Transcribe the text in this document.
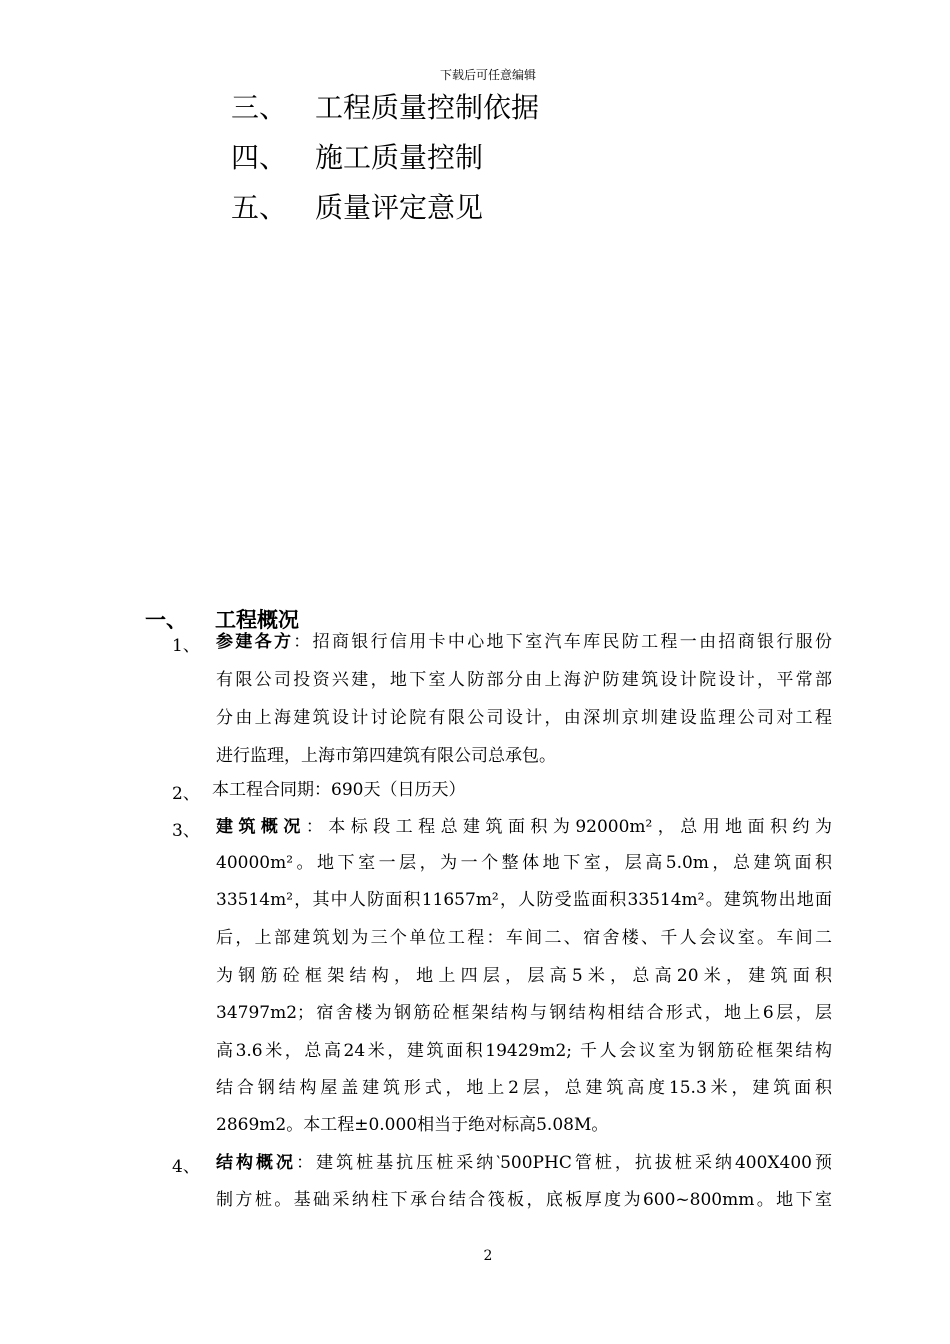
下载后可任意编辑
三、 工程质量控制依据
四、 施工质量控制
五、 质量评定意见
一、 工程概况
1、 参建各方：招商银行信用卡中心地下室汽车库民防工程一由招商银行服份
有限公司投资兴建，地下室人防部分由上海沪防建筑设计院设计，平常部
分由上海建筑设计讨论院有限公司设计，由深圳京圳建设监理公司对工程
进行监理，上海市第四建筑有限公司总承包。
2、 本工程合同期：690天（日历天）
3、 建筑概况：本标段工程总建筑面积为92000m²，总用地面积约为
40000m²。地下室一层，为一个整体地下室，层高5.0m，总建筑面积
33514m²，其中人防面积11657m²，人防受监面积33514m²。建筑物出地面
后，上部建筑划为三个单位工程：车间二、宿舍楼、千人会议室。车间二
为钢筋砼框架结构，地上四层，层高5米，总高20米，建筑面积
34797m2；宿舍楼为钢筋砼框架结构与钢结构相结合形式，地上6层，层
高3.6米，总高24米，建筑面积19429m2; 千人会议室为钢筋砼框架结构
结合钢结构屋盖建筑形式，地上2层，总建筑高度15.3米，建筑面积
2869m2。本工程±0.000相当于绝对标高5.08M。
4、 结构概况：建筑桩基抗压桩采纳‵500PHC管桩，抗拔桩采纳400X400预
制方桩。基础采纳柱下承台结合筏板，底板厚度为600~800mm。地下室
2
